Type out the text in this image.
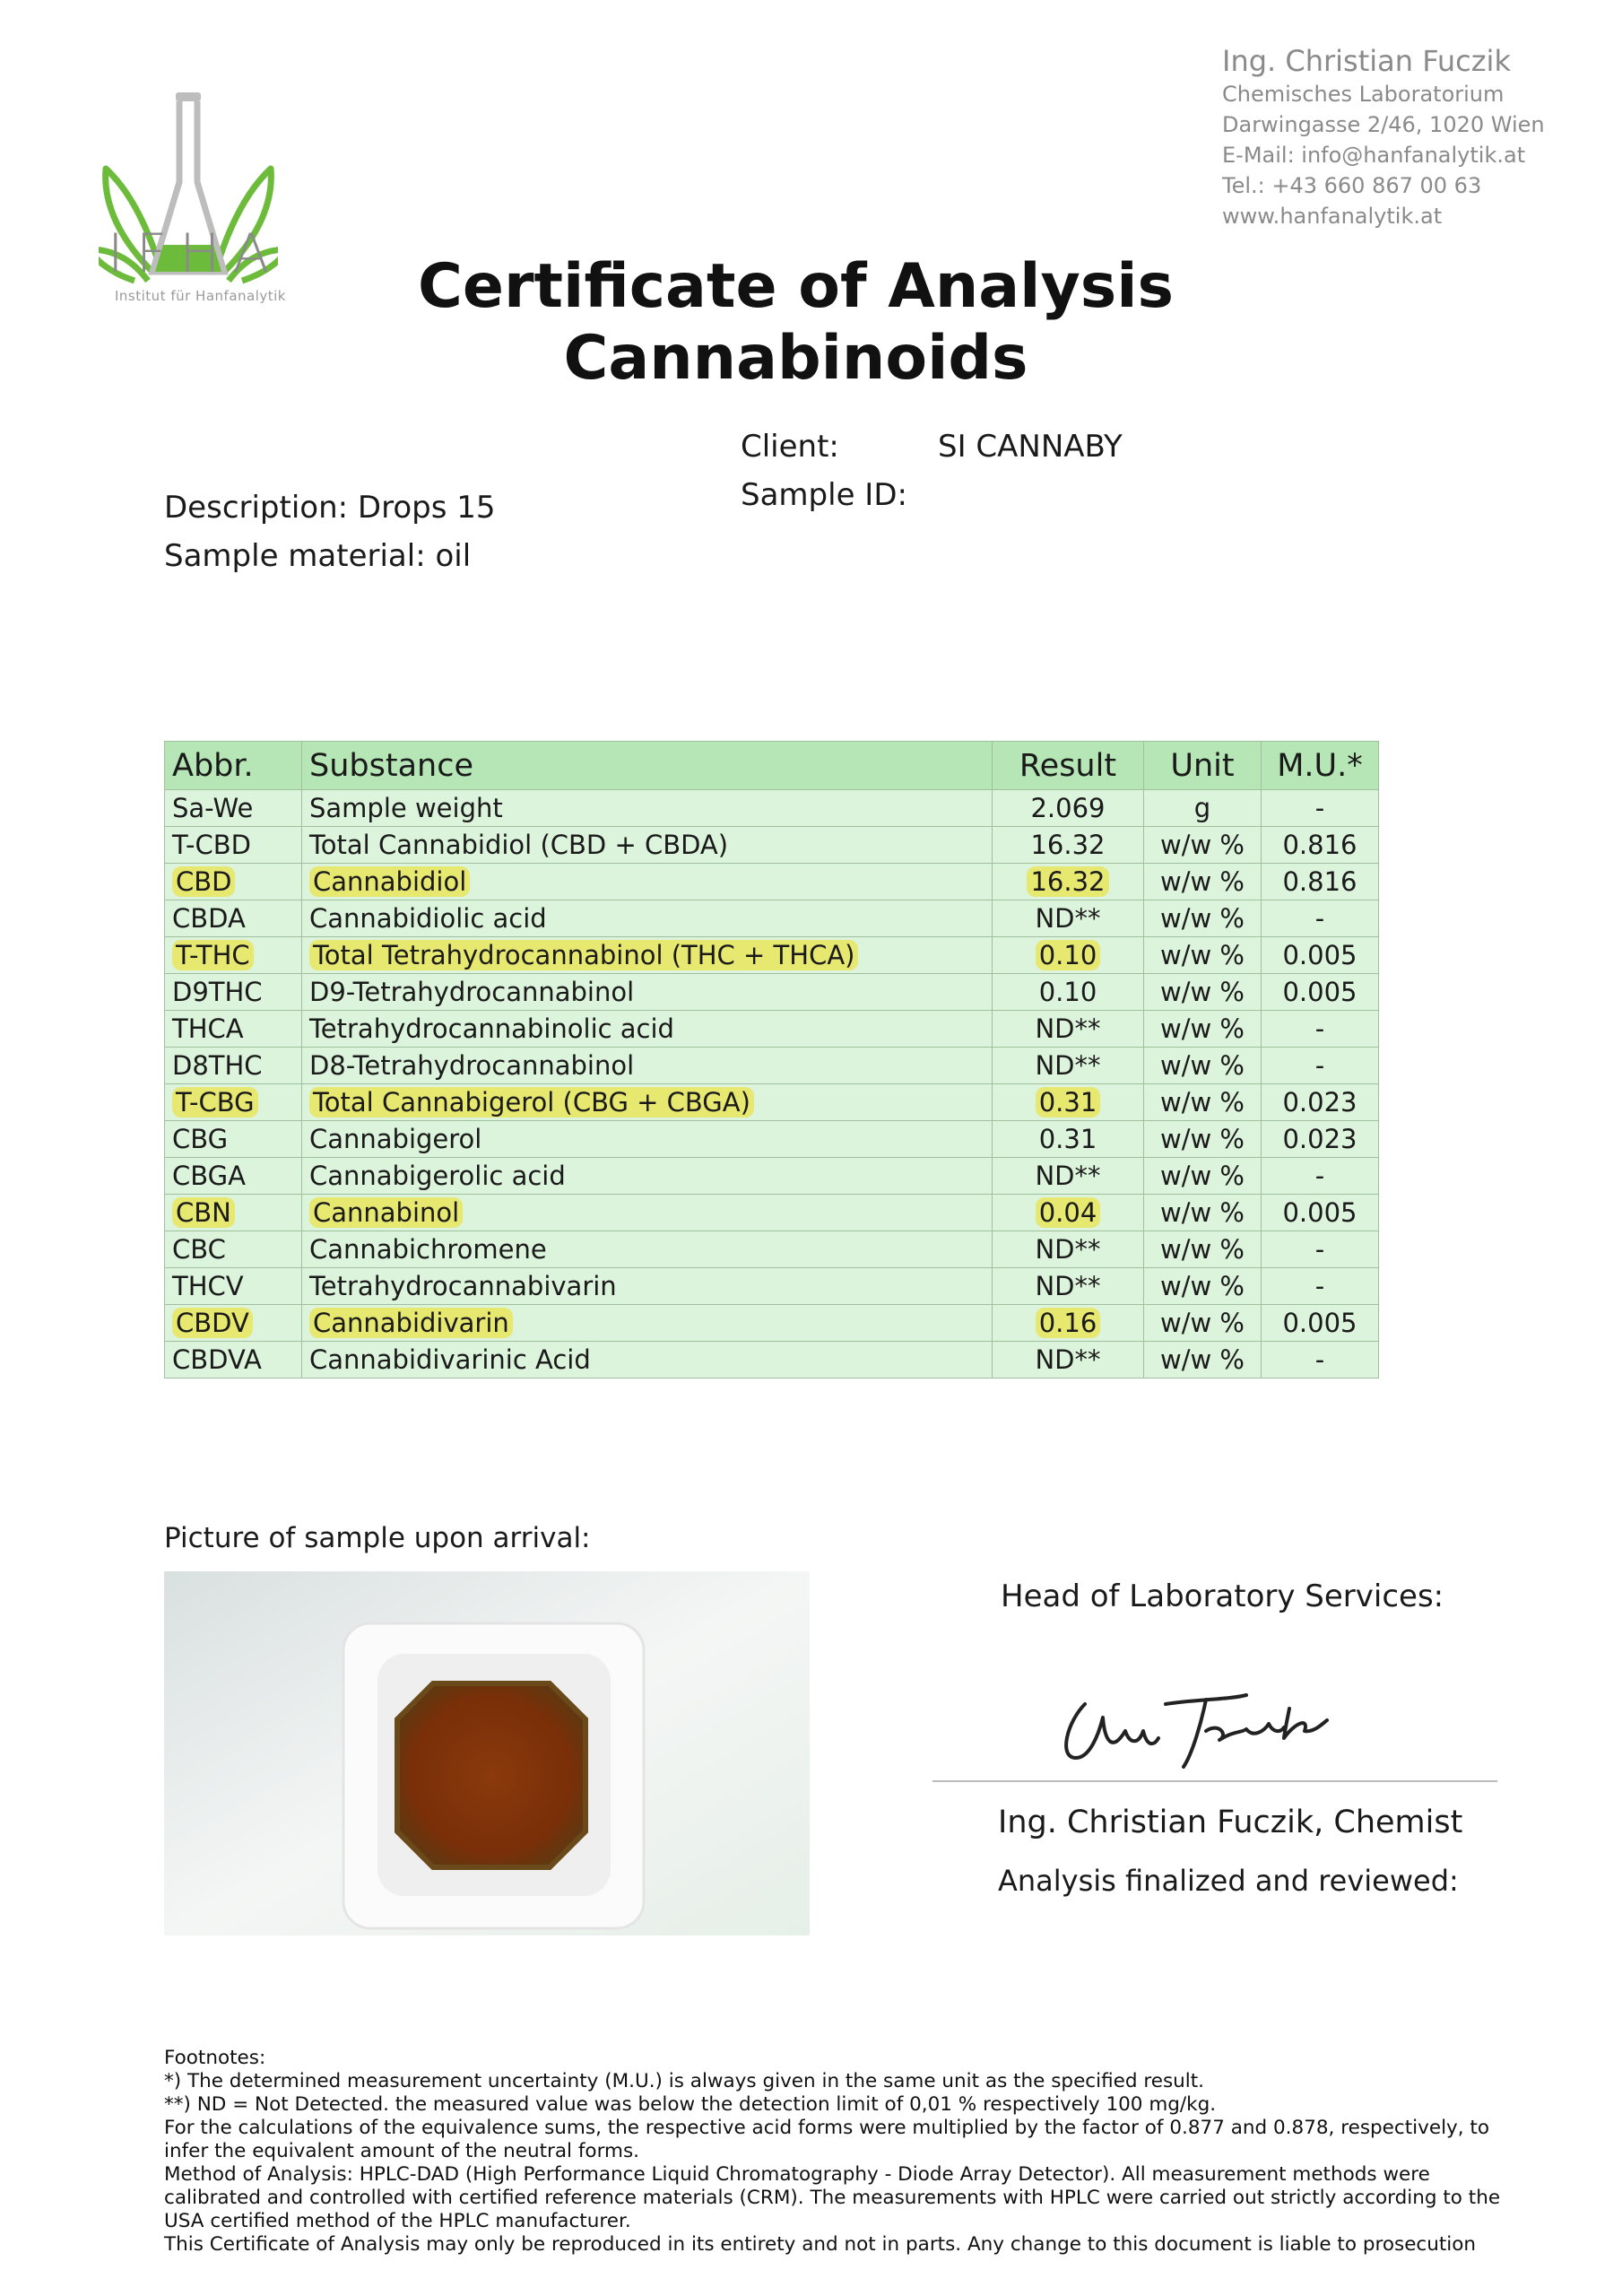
IFHA
Institut für Hanfanalytik
Ing. Christian Fuczik
Chemisches Laboratorium
Darwingasse 2/46, 1020 Wien
E-Mail: info@hanfanalytik.at
Tel.: +43 660 867 00 63
www.hanfanalytik.at
Certificate of Analysis
Cannabinoids
Client:	SI CANNABY
Sample ID:
Description: Drops 15
Sample material: oil
Abbr.	Substance	Result	Unit	M.U.*
Sa-We	Sample weight	2.069	g	-
T-CBD	Total Cannabidiol (CBD + CBDA)	16.32	w/w %	0.816
CBD	Cannabidiol	16.32	w/w %	0.816
CBDA	Cannabidiolic acid	ND**	w/w %	-
T-THC	Total Tetrahydrocannabinol (THC + THCA)	0.10	w/w %	0.005
D9THC	D9-Tetrahydrocannabinol	0.10	w/w %	0.005
THCA	Tetrahydrocannabinolic acid	ND**	w/w %	-
D8THC	D8-Tetrahydrocannabinol	ND**	w/w %	-
T-CBG	Total Cannabigerol (CBG + CBGA)	0.31	w/w %	0.023
CBG	Cannabigerol	0.31	w/w %	0.023
CBGA	Cannabigerolic acid	ND**	w/w %	-
CBN	Cannabinol	0.04	w/w %	0.005
CBC	Cannabichromene	ND**	w/w %	-
THCV	Tetrahydrocannabivarin	ND**	w/w %	-
CBDV	Cannabidivarin	0.16	w/w %	0.005
CBDVA	Cannabidivarinic Acid	ND**	w/w %	-
Picture of sample upon arrival:
Head of Laboratory Services:
Ing. Christian Fuczik, Chemist
Analysis finalized and reviewed:

Footnotes:

*) The determined measurement uncertainty (M.U.) is always given in the same unit as the specified result.

**) ND = Not Detected. the measured value was below the detection limit of 0,01 % respectively 100 mg/kg.

For the calculations of the equivalence sums, the respective acid forms were multiplied by the factor of 0.877 and 0.878, respectively, to infer the equivalent amount of the neutral forms.

Method of Analysis: HPLC-DAD (High Performance Liquid Chromatography - Diode Array Detector). All measurement methods were calibrated and controlled with certified reference materials (CRM). The measurements with HPLC were carried out strictly according to the USA certified method of the HPLC manufacturer.

This Certificate of Analysis may only be reproduced in its entirety and not in parts. Any change to this document is liable to prosecution
